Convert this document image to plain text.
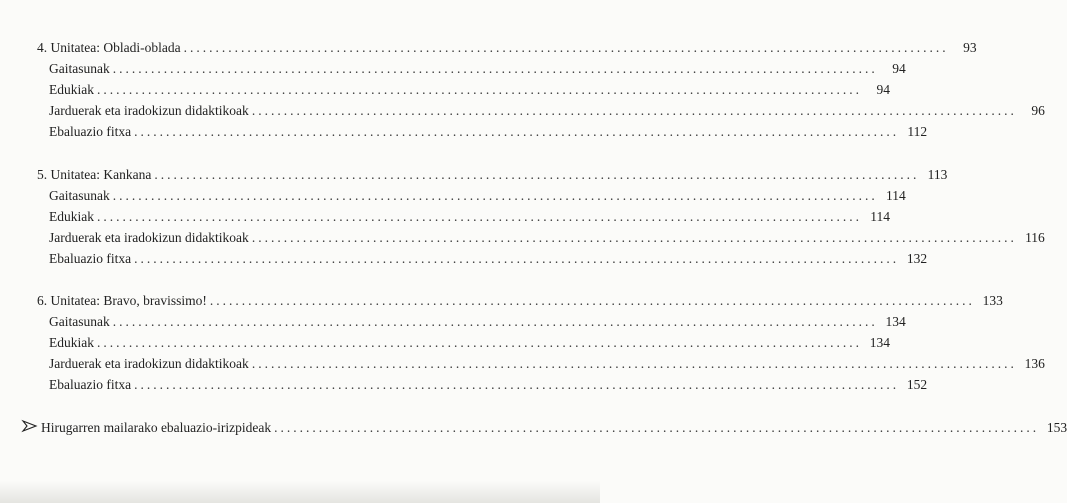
4. Unitatea: Obladi-oblada ........................................................................................................................	93
Gaitasunak ........................................................................................................................	94
Edukiak ........................................................................................................................	94
Jarduerak eta iradokizun didaktikoak ........................................................................................................................	96
Ebaluazio fitxa ........................................................................................................................ 112
5. Unitatea: Kankana ........................................................................................................................ 113
Gaitasunak ........................................................................................................................ 114
Edukiak ........................................................................................................................ 114
Jarduerak eta iradokizun didaktikoak ........................................................................................................................ 116
Ebaluazio fitxa ........................................................................................................................ 132
6. Unitatea: Bravo, bravissimo! ........................................................................................................................ 133
Gaitasunak ........................................................................................................................ 134
Edukiak ........................................................................................................................ 134
Jarduerak eta iradokizun didaktikoak ........................................................................................................................ 136
Ebaluazio fitxa ........................................................................................................................ 152
Hirugarren mailarako ebaluazio-irizpideak ........................................................................................................................ 153
